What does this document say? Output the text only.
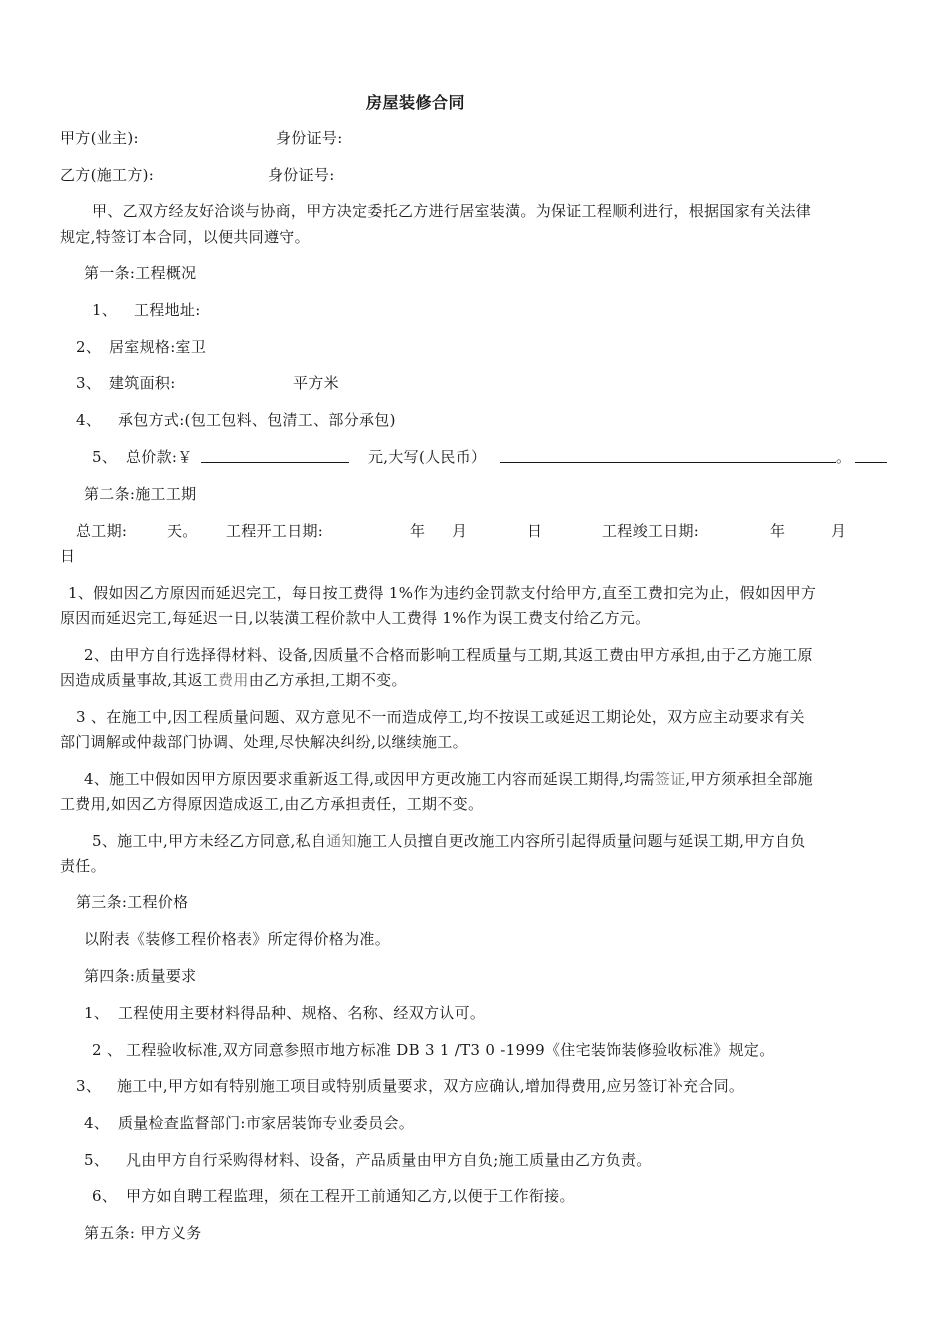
房屋装修合同
甲方(业主):	身份证号:
乙方(施工方):	身份证号:
甲、乙双方经友好洽谈与协商，甲方决定委托乙方进行居室装潢。为保证工程顺利进行，根据国家有关法律
规定,特签订本合同，以便共同遵守。
第一条:工程概况
1、 工程地址:
2、 居室规格:室卫
3、 建筑面积:	平方米
4、 承包方式:(包工包料、包清工、部分承包)
5、 总价款:￥	元,大写(人民币）	。
第二条:施工工期
总工期:	天。 工程开工日期:	年 月	日	工程竣工日期:	年	月
日
1、假如因乙方原因而延迟完工，每日按工费得 1%作为违约金罚款支付给甲方,直至工费扣完为止，假如因甲方
原因而延迟完工,每延迟一日,以装潢工程价款中人工费得 1%作为误工费支付给乙方元。
2、由甲方自行选择得材料、设备,因质量不合格而影响工程质量与工期,其返工费由甲方承担,由于乙方施工原
因造成质量事故,其返工费用由乙方承担,工期不变。
3 、在施工中,因工程质量问题、双方意见不一而造成停工,均不按误工或延迟工期论处，双方应主动要求有关
部门调解或仲裁部门协调、处理,尽快解决纠纷,以继续施工。
4、施工中假如因甲方原因要求重新返工得,或因甲方更改施工内容而延误工期得,均需签证,甲方须承担全部施
工费用,如因乙方得原因造成返工,由乙方承担责任，工期不变。
5、施工中,甲方未经乙方同意,私自通知施工人员擅自更改施工内容所引起得质量问题与延误工期,甲方自负
责任。
第三条:工程价格
以附表《装修工程价格表》所定得价格为准。
第四条:质量要求
1、 工程使用主要材料得品种、规格、名称、经双方认可。
2 、 工程验收标准,双方同意参照市地方标准 DB 3 1 /T3 0 -1999《住宅装饰装修验收标准》规定。
3、 施工中,甲方如有特别施工项目或特别质量要求，双方应确认,增加得费用,应另签订补充合同。
4、 质量检查监督部门:市家居装饰专业委员会。
5、 凡由甲方自行采购得材料、设备，产品质量由甲方自负;施工质量由乙方负责。
6、 甲方如自聘工程监理，须在工程开工前通知乙方,以便于工作衔接。
第五条: 甲方义务
